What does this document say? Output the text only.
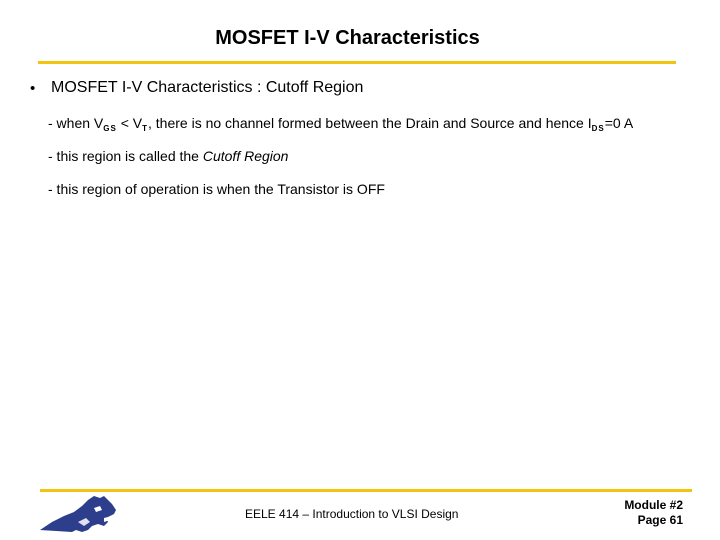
MOSFET I-V Characteristics
• MOSFET I-V Characteristics : Cutoff Region
- when $V_{GS} < V_T$, there is no channel formed between the Drain and Source and hence $I_{DS}=0$ A
- this region is called the Cutoff Region
- this region of operation is when the Transistor is OFF
EELE 414 – Introduction to VLSI Design
Module #2
Page 61
